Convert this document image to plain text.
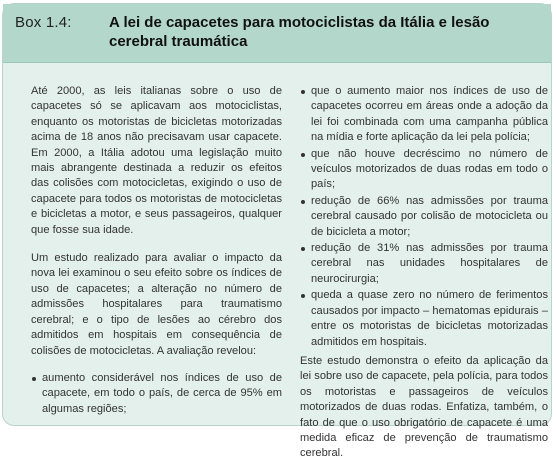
Box 1.4: A lei de capacetes para motociclistas da Itália e lesão cerebral traumática

Até 2000, as leis italianas sobre o uso de capacetes só se aplicavam aos motociclistas, enquanto os motoristas de bicicletas motorizadas acima de 18 anos não precisavam usar capacete. Em 2000, a Itália adotou uma legislação muito mais abrangente destinada a reduzir os efeitos das colisões com motocicletas, exigindo o uso de capacete para todos os motoristas de motocicletas e bicicletas a motor, e seus passageiros, qualquer que fosse sua idade.

Um estudo realizado para avaliar o impacto da nova lei examinou o seu efeito sobre os índices de uso de capacetes; a alteração no número de admissões hospitalares para traumatismo cerebral; e o tipo de lesões ao cérebro dos admitidos em hospitais em consequência de colisões de motocicletas. A avaliação revelou:

aumento considerável nos índices de uso de capacete, em todo o país, de cerca de 95% em algumas regiões;
que o aumento maior nos índices de uso de capacetes ocorreu em áreas onde a adoção da lei foi combinada com uma campanha pública na mídia e forte aplicação da lei pela polícia;
que não houve decréscimo no número de veículos motorizados de duas rodas em todo o país;
redução de 66% nas admissões por trauma cerebral causado por colisão de motocicleta ou de bicicleta a motor;
redução de 31% nas admissões por trauma cerebral nas unidades hospitalares de neurocirurgia;
queda a quase zero no número de ferimentos causados por impacto – hematomas epidurais – entre os motoristas de bicicletas motorizadas admitidos em hospitais.

Este estudo demonstra o efeito da aplicação da lei sobre uso de capacete, pela polícia, para todos os motoristas e passageiros de veículos motorizados de duas rodas. Enfatiza, também, o fato de que o uso obrigatório de capacete é uma medida eficaz de prevenção de traumatismo cerebral.
